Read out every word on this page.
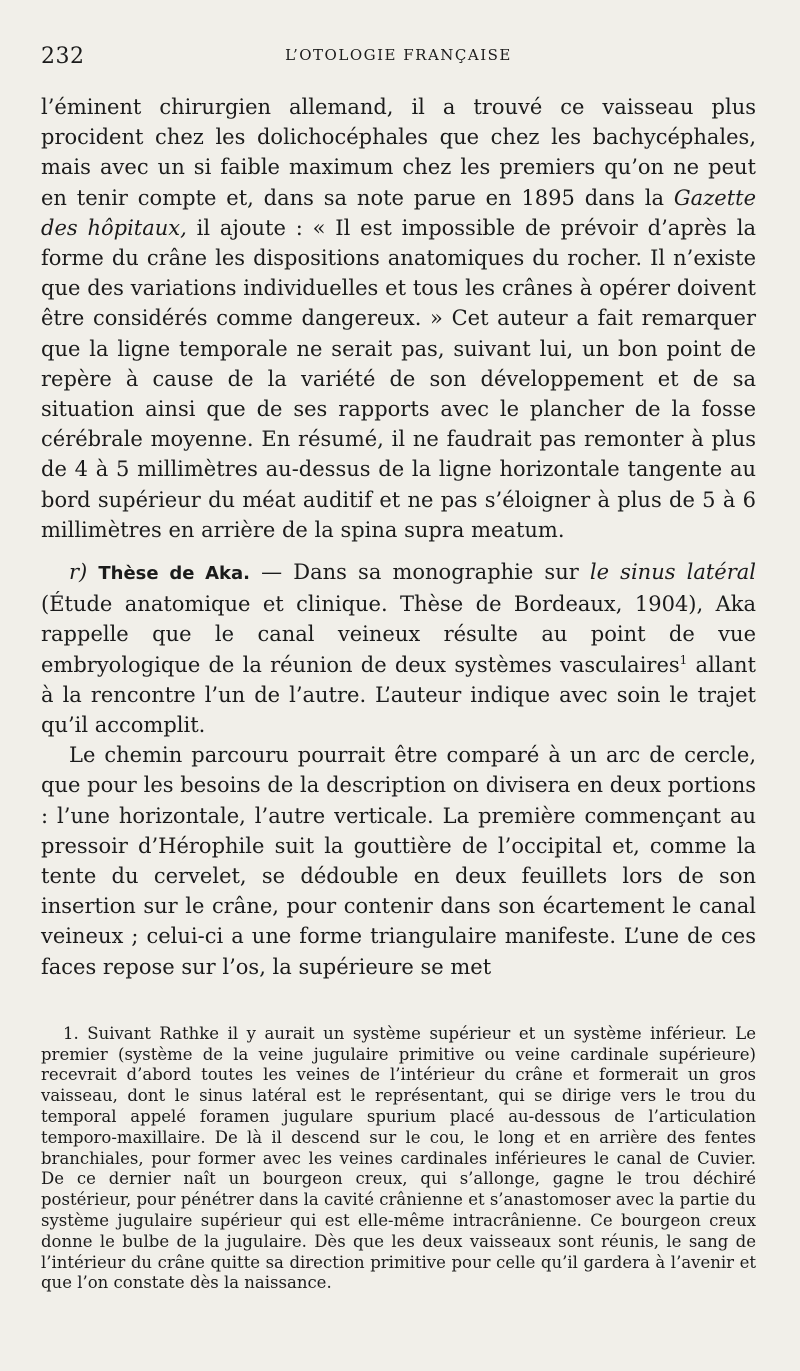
232	L’OTOLOGIE FRANÇAISE

l’éminent chirurgien allemand, il a trouvé ce vaisseau plus procident chez les dolichocéphales que chez les bachycéphales, mais avec un si faible maximum chez les premiers qu’on ne peut en tenir compte et, dans sa note parue en 1895 dans la Gazette des hôpitaux, il ajoute : « Il est impossible de prévoir d’après la forme du crâne les dispositions anatomiques du rocher. Il n’existe que des variations individuelles et tous les crânes à opérer doivent être considérés comme dangereux. » Cet auteur a fait remarquer que la ligne temporale ne serait pas, suivant lui, un bon point de repère à cause de la variété de son développement et de sa situation ainsi que de ses rapports avec le plancher de la fosse cérébrale moyenne. En résumé, il ne faudrait pas remonter à plus de 4 à 5 millimètres au-dessus de la ligne horizontale tangente au bord supérieur du méat auditif et ne pas s’éloigner à plus de 5 à 6 millimètres en arrière de la spina supra meatum.

r) Thèse de Aka. — Dans sa monographie sur le sinus latéral (Étude anatomique et clinique. Thèse de Bordeaux, 1904), Aka rappelle que le canal veineux résulte au point de vue embryologique de la réunion de deux systèmes vasculaires$^1$ allant à la rencontre l’un de l’autre. L’auteur indique avec soin le trajet qu’il accomplit.

Le chemin parcouru pourrait être comparé à un arc de cercle, que pour les besoins de la description on divisera en deux portions : l’une horizontale, l’autre verticale. La première commençant au pressoir d’Hérophile suit la gouttière de l’occipital et, comme la tente du cervelet, se dédouble en deux feuillets lors de son insertion sur le crâne, pour contenir dans son écartement le canal veineux ; celui-ci a une forme triangulaire manifeste. L’une de ces faces repose sur l’os, la supérieure se met

1. Suivant Rathke il y aurait un système supérieur et un système inférieur. Le premier (système de la veine jugulaire primitive ou veine cardinale supérieure) recevrait d’abord toutes les veines de l’intérieur du crâne et formerait un gros vaisseau, dont le sinus latéral est le représentant, qui se dirige vers le trou du temporal appelé foramen jugulare spurium placé au-dessous de l’articulation temporo-maxillaire. De là il descend sur le cou, le long et en arrière des fentes branchiales, pour former avec les veines cardinales inférieures le canal de Cuvier. De ce dernier naît un bourgeon creux, qui s’allonge, gagne le trou déchiré postérieur, pour pénétrer dans la cavité crânienne et s’anastomoser avec la partie du système jugulaire supérieur qui est elle-même intracrânienne. Ce bourgeon creux donne le bulbe de la jugulaire. Dès que les deux vaisseaux sont réunis, le sang de l’intérieur du crâne quitte sa direction primitive pour celle qu’il gardera à l’avenir et que l’on constate dès la naissance.
